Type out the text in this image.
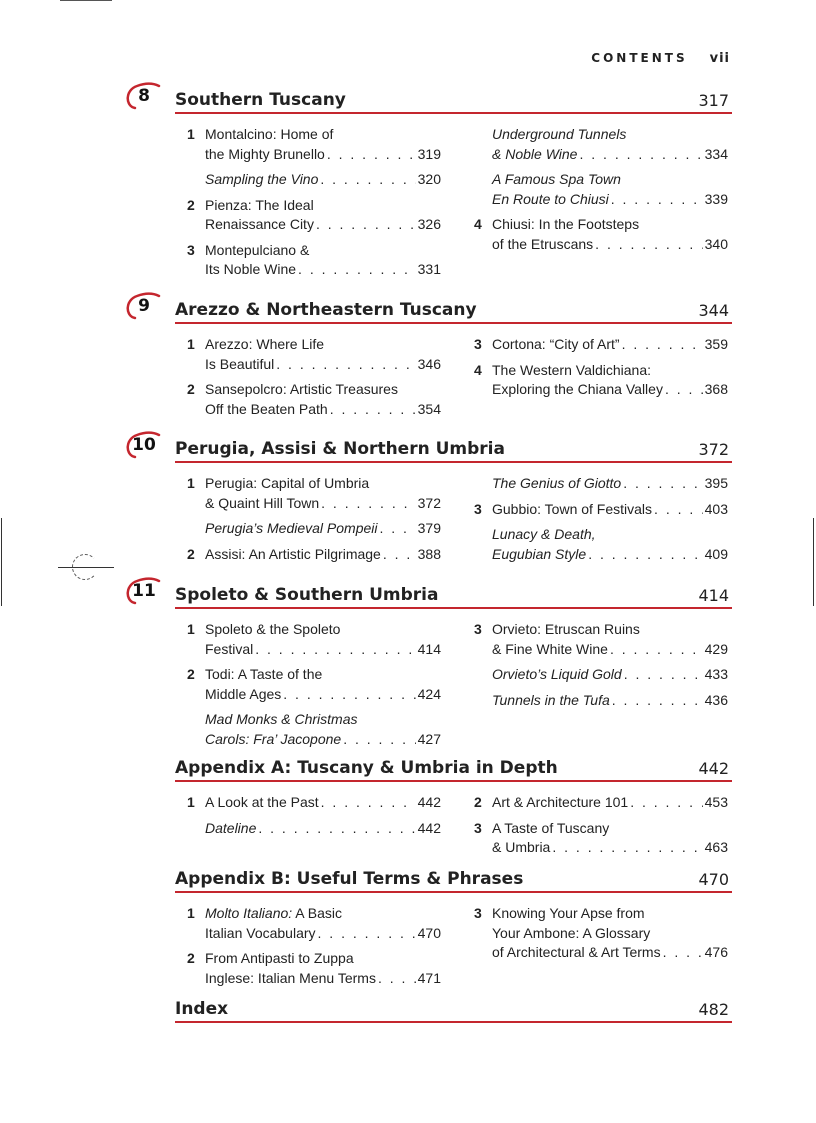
CONTENTS vii
8	Southern Tuscany	317
1 Montalcino: Home of
the Mighty Brunello . . .	319
Sampling the Vino . . .	320
2 Pienza: The Ideal
Renaissance City . . .	326
3 Montepulciano &
Its Noble Wine . . .	331
Underground Tunnels
& Noble Wine . . .	334
A Famous Spa Town
En Route to Chiusi . . .	339
4 Chiusi: In the Footsteps
of the Etruscans . . .	340
9	Arezzo & Northeastern Tuscany	344
1 Arezzo: Where Life
Is Beautiful . . .	346
2 Sansepolcro: Artistic Treasures
Off the Beaten Path . . .	354
3 Cortona: “City of Art” . . .	359
4 The Western Valdichiana:
Exploring the Chiana Valley . . .	368
10	Perugia, Assisi & Northern Umbria	372
1 Perugia: Capital of Umbria
& Quaint Hill Town . . .	372
Perugia’s Medieval Pompeii . . .	379
2 Assisi: An Artistic Pilgrimage . . .	388
The Genius of Giotto . . .	395
3 Gubbio: Town of Festivals . . .	403
Lunacy & Death,
Eugubian Style . . .	409
11	Spoleto & Southern Umbria	414
1 Spoleto & the Spoleto
Festival . . .	414
2 Todi: A Taste of the
Middle Ages . . .	424
Mad Monks & Christmas
Carols: Fra’ Jacopone . . .	427
3 Orvieto: Etruscan Ruins
& Fine White Wine . . .	429
Orvieto’s Liquid Gold . . .	433
Tunnels in the Tufa . . .	436
Appendix A: Tuscany & Umbria in Depth	442
1 A Look at the Past . . .	442
Dateline . . .	442
2 Art & Architecture 101 . . .	453
3 A Taste of Tuscany
& Umbria . . .	463
Appendix B: Useful Terms & Phrases	470
1 Molto Italiano: A Basic
Italian Vocabulary . . .	470
2 From Antipasti to Zuppa
Inglese: Italian Menu Terms . . .	471
3 Knowing Your Apse from
Your Ambone: A Glossary
of Architectural & Art Terms . . .	476
Index	482
